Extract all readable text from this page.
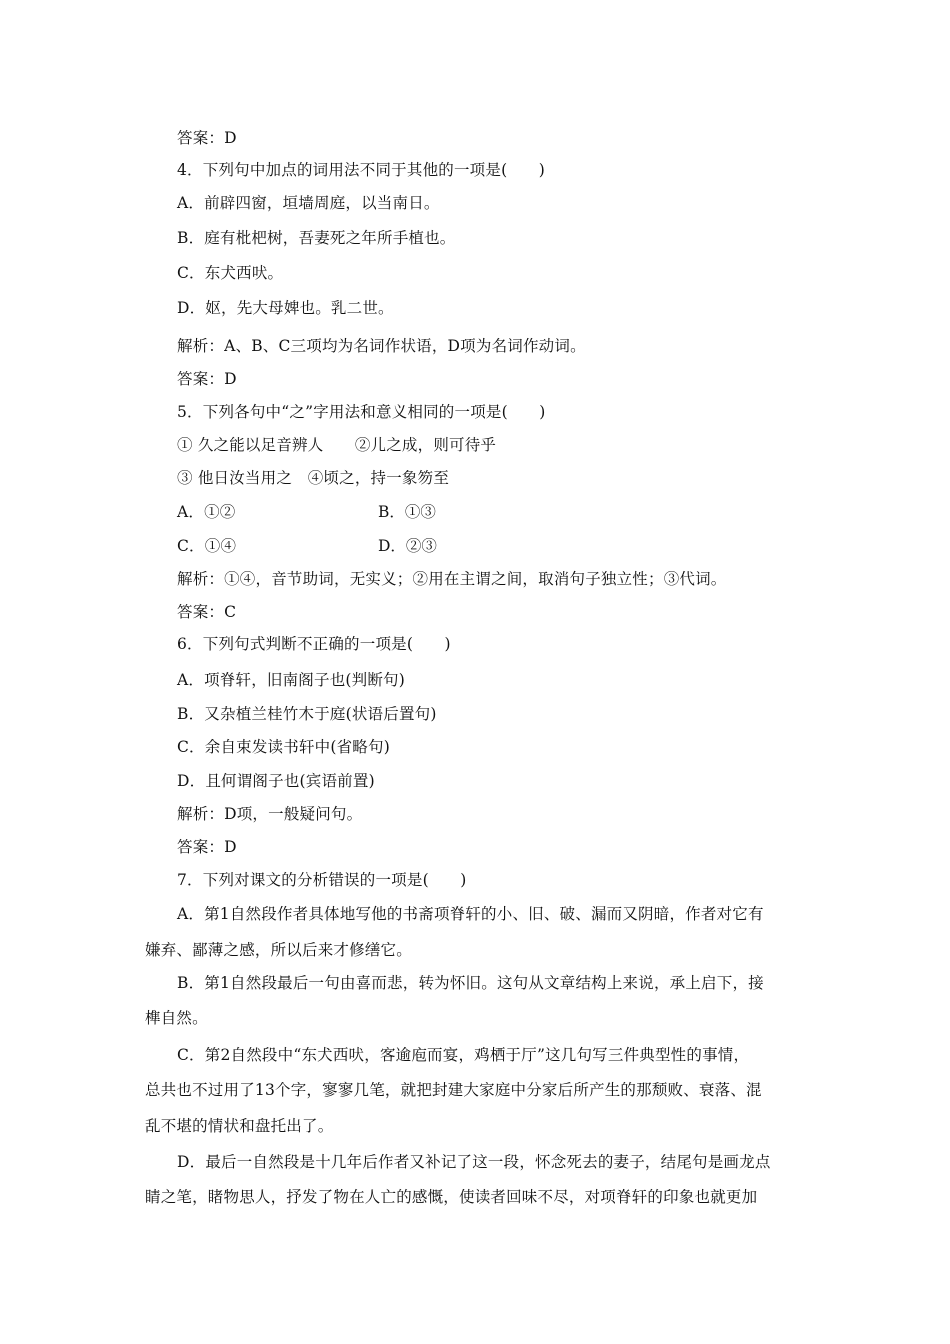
答案：D
4．下列句中加点的词用法不同于其他的一项是(　　)
A．前辟四窗，垣墙周庭，以当南日。
B．庭有枇杷树，吾妻死之年所手植也。
C．东犬西吠。
D．妪，先大母婢也。乳二世。
解析：A、B、C三项均为名词作状语，D项为名词作动词。
答案：D
5．下列各句中“之”字用法和意义相同的一项是(　　)
① 久之能以足音辨人　　②儿之成，则可待乎
③ 他日汝当用之　④顷之，持一象笏至
A．①②	B．①③
C．①④	D．②③
解析：①④，音节助词，无实义；②用在主谓之间，取消句子独立性；③代词。
答案：C
6．下列句式判断不正确的一项是(　　)
A．项脊轩，旧南阁子也(判断句)
B．又杂植兰桂竹木于庭(状语后置句)
C．余自束发读书轩中(省略句)
D．且何谓阁子也(宾语前置)
解析：D项，一般疑问句。
答案：D
7．下列对课文的分析错误的一项是(　　)
A．第1自然段作者具体地写他的书斋项脊轩的小、旧、破、漏而又阴暗，作者对它有
嫌弃、鄙薄之感，所以后来才修缮它。
B．第1自然段最后一句由喜而悲，转为怀旧。这句从文章结构上来说，承上启下，接
榫自然。
C．第2自然段中“东犬西吠，客逾庖而宴，鸡栖于厅”这几句写三件典型性的事情，
总共也不过用了13个字，寥寥几笔，就把封建大家庭中分家后所产生的那颓败、衰落、混
乱不堪的情状和盘托出了。
D．最后一自然段是十几年后作者又补记了这一段，怀念死去的妻子，结尾句是画龙点
睛之笔，睹物思人，抒发了物在人亡的感慨，使读者回味不尽，对项脊轩的印象也就更加
